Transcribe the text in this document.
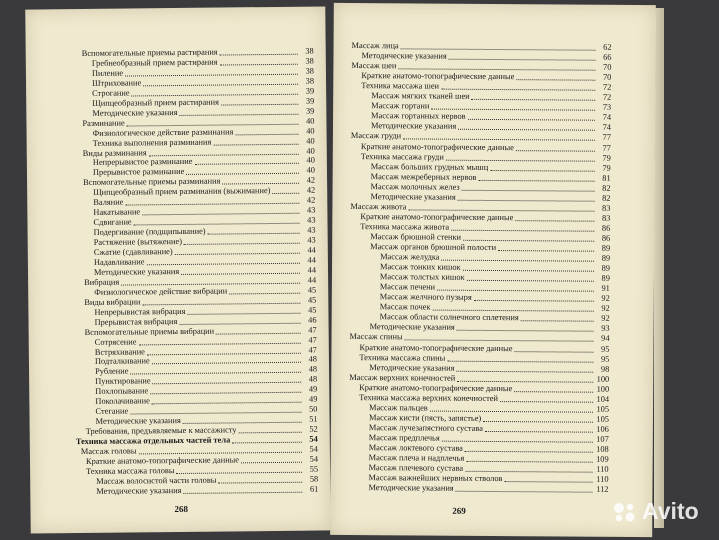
Вспомогательные приемы растирания	38
Гребнеобразный прием растирания	38
Пиление	38
Штрихование	38
Строгание	39
Щипцеобразный прием растирания	39
Методические указания	39
Разминание	40
Физиологическое действие разминания	40
Техника выполнения разминания	40
Виды разминания	40
Непрерывистое разминание	40
Прерывистое разминание	40
Вспомогательные приемы разминания	42
Щипцеобразный прием разминания (выжимание)	42
Валяние	42
Накатывание	43
Сдвигание	43
Подергивание (подщипывание)	43
Растяжение (вытяжение)	43
Сжатие (сдавливание)	44
Надавливание	44
Методические указания	44
Вибрация	44
Физиологическое действие вибрации	45
Виды вибрации	45
Непрерывистая вибрация	45
Прерывистая вибрация	46
Вспомогательные приемы вибрации	47
Сотрясение	47
Встряхивание	47
Подталкивание	48
Рубление	48
Пунктирование	48
Похлопывание	49
Поколачивание	49
Стегание	50
Методические указания	51
Требования, предъявляемые к массажисту	52
Техника массажа отдельных частей тела	54
Массаж головы	54
Краткие анатомо-топографические данные	54
Техника массажа головы	55
Массаж волосистой части головы	58
Методические указания	61
268
Массаж лица	62
Методические указания	66
Массаж шеи	70
Краткие анатомо-топографические данные	70
Техника массажа шеи	72
Массаж мягких тканей шеи	72
Массаж гортани	73
Массаж гортанных нервов	74
Методические указания	74
Массаж груди	77
Краткие анатомо-топографические данные	77
Техника массажа груди	79
Массаж больших грудных мышц	79
Массаж межреберных нервов	81
Массаж молочных желез	82
Методические указания	82
Массаж живота	83
Краткие анатомо-топографические данные	83
Техника массажа живота	86
Массаж брюшной стенки	86
Массаж органов брюшной полости	89
Массаж желудка	89
Массаж тонких кишок	89
Массаж толстых кишок	89
Массаж печени	91
Массаж желчного пузыря	92
Массаж почек	92
Массаж области солнечного сплетения	92
Методические указания	93
Массаж спины	94
Краткие анатомо-топографические данные	95
Техника массажа спины	95
Методические указания	98
Массаж верхних конечностей	100
Краткие анатомо-топографические данные	100
Техника массажа верхних конечностей	104
Массаж пальцев	105
Массаж кисти (пясть, запястье)	105
Массаж лучезапястного сустава	106
Массаж предплечья	107
Массаж локтевого сустава	108
Массаж плеча и надплечья	109
Массаж плечевого сустава	110
Массаж важнейших нервных стволов	110
Методические указания	112
269	Avito
